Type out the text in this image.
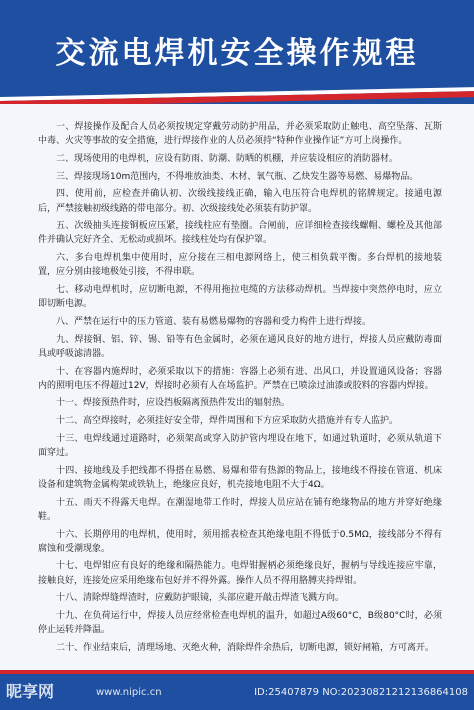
交流电焊机安全操作规程

一、焊接操作及配合人员必须按规定穿戴劳动防护用品，并必须采取防止触电、高空坠落、瓦斯中毒、火灾等事故的安全措施，进行焊接作业的人员必须持“特种作业操作证”方可上岗操作。

二、现场使用的电焊机，应设有防雨、防潮、防晒的机棚，并应装设相应的消防器材。

三、焊接现场10m范围内，不得堆放油类、木材、氧气瓶、乙炔发生器等易燃、易爆物品。

四、使用前，应检查并确认初、次级线接线正确，输入电压符合电焊机的铭牌规定。接通电源后，严禁接触初级线路的带电部分。初、次级接线处必须装有防护罩。

五、次级抽头连接铜板应压紧，接线柱应有垫圈。合闸前，应详细检查接线螺帽、螺栓及其他部件并确认完好齐全、无松动或损坏。接线柱处均有保护罩。

六、多台电焊机集中使用时，应分接在三相电源网络上，使三相负载平衡。多台焊机的接地装置，应分别由接地极处引接，不得串联。

七、移动电焊机时，应切断电源，不得用拖拉电缆的方法移动焊机。当焊接中突然停电时，应立即切断电源。

八、严禁在运行中的压力管道、装有易燃易爆物的容器和受力构件上进行焊接。

九、焊接铜、铝、锌、锡、铅等有色金属时，必须在通风良好的地方进行，焊接人员应戴防毒面具或呼吸滤清器。

十、在容器内施焊时，必须采取以下的措施：容器上必须有进、出风口，并设置通风设备；容器内的照明电压不得超过12V，焊接时必须有人在场监护。严禁在已喷涂过油漆或胶料的容器内焊接。

十一、焊接预热件时，应设挡板隔离预热件发出的辐射热。

十二、高空焊接时，必须挂好安全带，焊件周围和下方应采取防火措施并有专人监护。

十三、电焊线通过道路时，必须架高或穿入防护管内埋设在地下，如通过轨道时，必须从轨道下面穿过。

十四、接地线及手把线都不得搭在易燃、易爆和带有热源的物品上，接地线不得接在管道、机床设备和建筑物金属构架或铁轨上，绝缘应良好，机壳接地电阻不大于4Ω。

十五、雨天不得露天电焊。在潮湿地带工作时，焊接人员应站在铺有绝缘物品的地方并穿好绝缘鞋。

十六、长期停用的电焊机，使用时，须用摇表检查其绝缘电阻不得低于0.5MΩ，接线部分不得有腐蚀和受潮现象。

十七、电焊钳应有良好的绝缘和隔热能力。电焊钳握柄必须绝缘良好，握柄与导线连接应牢靠，接触良好，连接处应采用绝缘布包好并不得外露。操作人员不得用胳膊夹持焊钳。

十八、清除焊缝焊渣时，应戴防护眼镜，头部应避开敲击焊渣飞溅方向。

十九、在负荷运行中，焊接人员应经常检查电焊机的温升，如超过A级60°C，B级80°C时，必须停止运转并降温。

二十、作业结束后，清理场地、灭绝火种，消除焊件余热后，切断电源，锁好闸箱，方可离开。

昵享网	www.nipic.cn	ID:25407879 NO:20230821212136864108
